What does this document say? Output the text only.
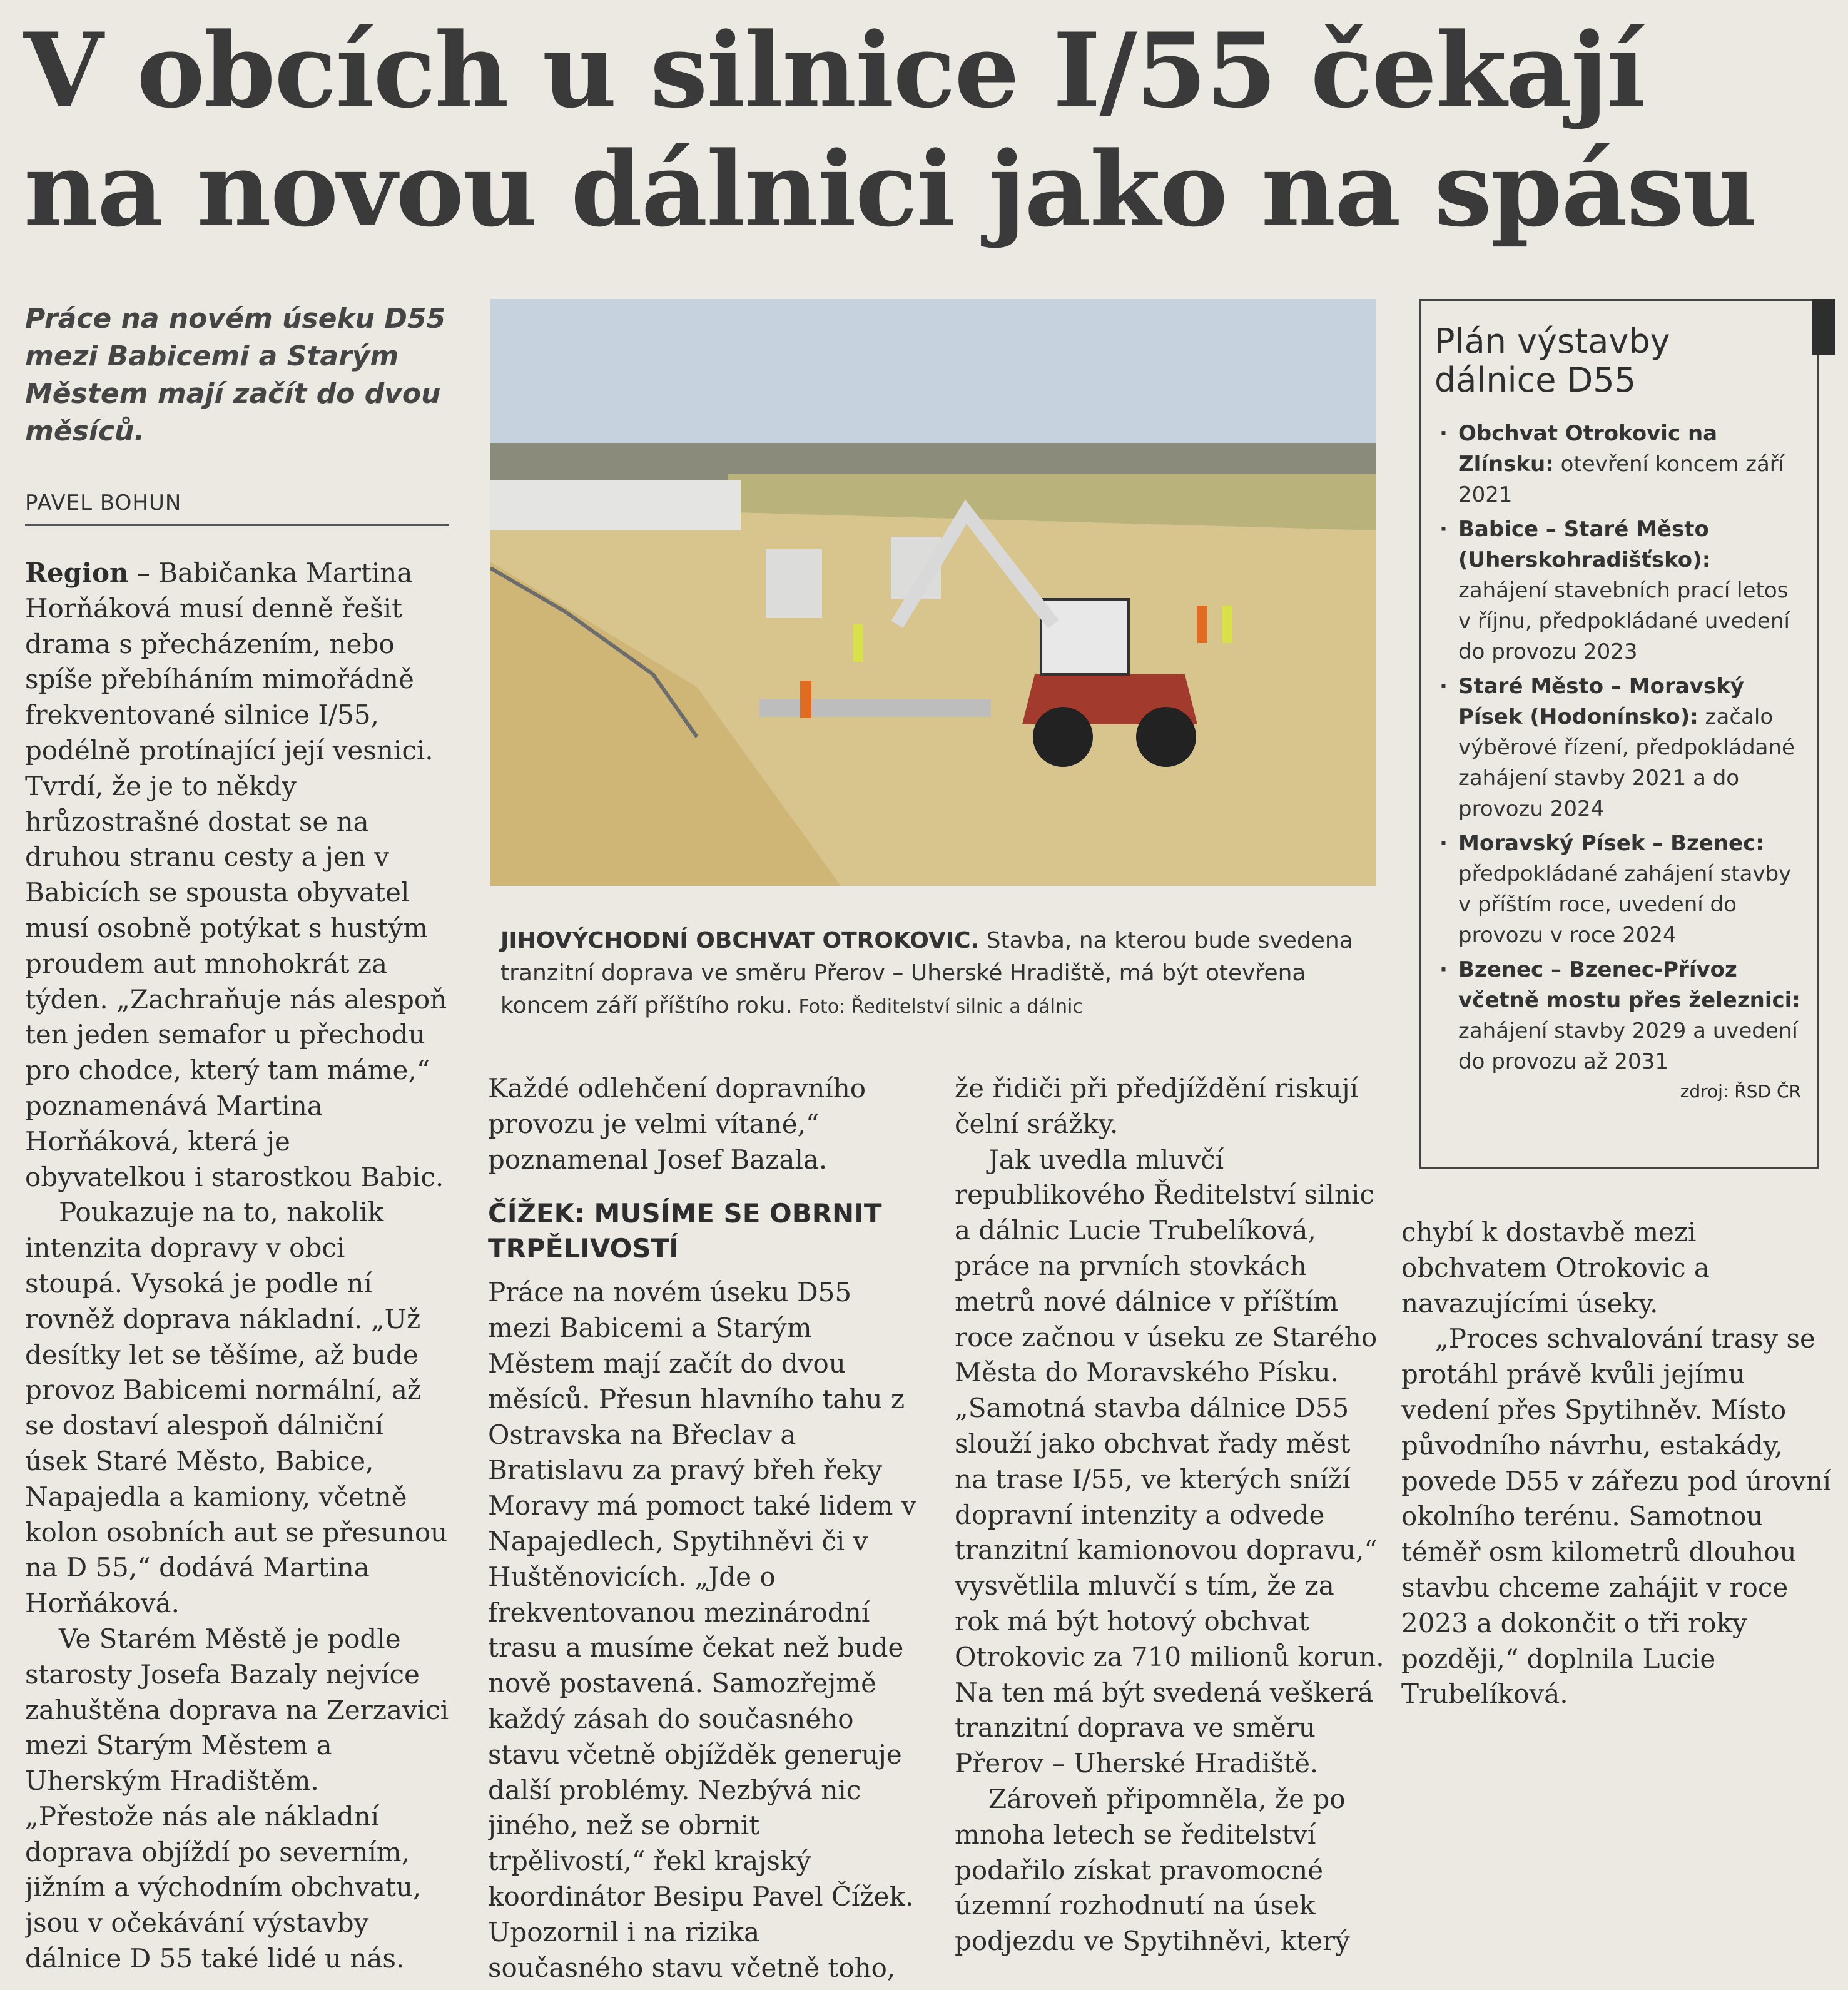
V obcích u silnice I/55 čekají
na novou dálnici jako na spásu

Práce na novém úseku D55 mezi Babicemi a Starým Městem mají začít do dvou měsíců.

PAVEL BOHUN

JIHOVÝCHODNÍ OBCHVAT OTROKOVIC. Stavba, na kterou bude svedena tranzitní doprava ve směru Přerov – Uherské Hradiště, má být otevřena koncem září příštího roku. Foto: Ředitelství silnic a dálnic

Plán výstavby dálnice D55
· Obchvat Otrokovic na Zlínsku: otevření koncem září 2021
· Babice – Staré Město (Uherskohradišťsko): zahájení stavebních prací letos v říjnu, předpokládané uvedení do provozu 2023
· Staré Město – Moravský Písek (Hodonínsko): začalo výběrové řízení, předpokládané zahájení stavby 2021 a do provozu 2024
· Moravský Písek – Bzenec: předpokládané zahájení stavby v příštím roce, uvedení do provozu v roce 2024
· Bzenec – Bzenec-Přívoz včetně mostu přes železnici: zahájení stavby 2029 a uvedení do provozu až 2031
zdroj: ŘSD ČR

Region – Babičanka Martina Horňáková musí denně řešit drama s přecházením, nebo spíše přebíháním mimořádně frekventované silnice I/55, podélně protínající její vesnici. Tvrdí, že je to někdy hrůzostrašné dostat se na druhou stranu cesty a jen v Babicích se spousta obyvatel musí osobně potýkat s hustým proudem aut mnohokrát za týden. „Zachraňuje nás alespoň ten jeden semafor u přechodu pro chodce, který tam máme,“ poznamenává Martina Horňáková, která je obyvatelkou i starostkou Babic.

Poukazuje na to, nakolik intenzita dopravy v obci stoupá. Vysoká je podle ní rovněž doprava nákladní. „Už desítky let se těšíme, až bude provoz Babicemi normální, až se dostaví alespoň dálniční úsek Staré Město, Babice, Napajedla a kamiony, včetně kolon osobních aut se přesunou na D 55,“ dodává Martina Horňáková.

Ve Starém Městě je podle starosty Josefa Bazaly nejvíce zahuštěna doprava na Zerzavici mezi Starým Městem a Uherským Hradištěm. „Přestože nás ale nákladní doprava objíždí po severním, jižním a východním obchvatu, jsou v očekávání výstavby dálnice D 55 také lidé u nás.

Každé odlehčení dopravního provozu je velmi vítané,“ poznamenal Josef Bazala.

ČÍŽEK: MUSÍME SE OBRNIT TRPĚLIVOSTÍ

Práce na novém úseku D55 mezi Babicemi a Starým Městem mají začít do dvou měsíců. Přesun hlavního tahu z Ostravska na Břeclav a Bratislavu za pravý břeh řeky Moravy má pomoct také lidem v Napajedlech, Spytihněvi či v Huštěnovicích. „Jde o frekventovanou mezinárodní trasu a musíme čekat než bude nově postavená. Samozřejmě každý zásah do současného stavu včetně objížděk generuje další problémy. Nezbývá nic jiného, než se obrnit trpělivostí,“ řekl krajský koordinátor Besipu Pavel Čížek. Upozornil i na rizika současného stavu včetně toho,

že řidiči při předjíždění riskují čelní srážky.

Jak uvedla mluvčí republikového Ředitelství silnic a dálnic Lucie Trubelíková, práce na prvních stovkách metrů nové dálnice v příštím roce začnou v úseku ze Starého Města do Moravského Písku. „Samotná stavba dálnice D55 slouží jako obchvat řady měst na trase I/55, ve kterých sníží dopravní intenzity a odvede tranzitní kamionovou dopravu,“ vysvětlila mluvčí s tím, že za rok má být hotový obchvat Otrokovic za 710 milionů korun. Na ten má být svedená veškerá tranzitní doprava ve směru Přerov – Uherské Hradiště.

Zároveň připomněla, že po mnoha letech se ředitelství podařilo získat pravomocné územní rozhodnutí na úsek podjezdu ve Spytihněvi, který

chybí k dostavbě mezi obchvatem Otrokovic a navazujícími úseky.

„Proces schvalování trasy se protáhl právě kvůli jejímu vedení přes Spytihněv. Místo původního návrhu, estakády, povede D55 v zářezu pod úrovní okolního terénu. Samotnou téměř osm kilometrů dlouhou stavbu chceme zahájit v roce 2023 a dokončit o tři roky později,“ doplnila Lucie Trubelíková.
